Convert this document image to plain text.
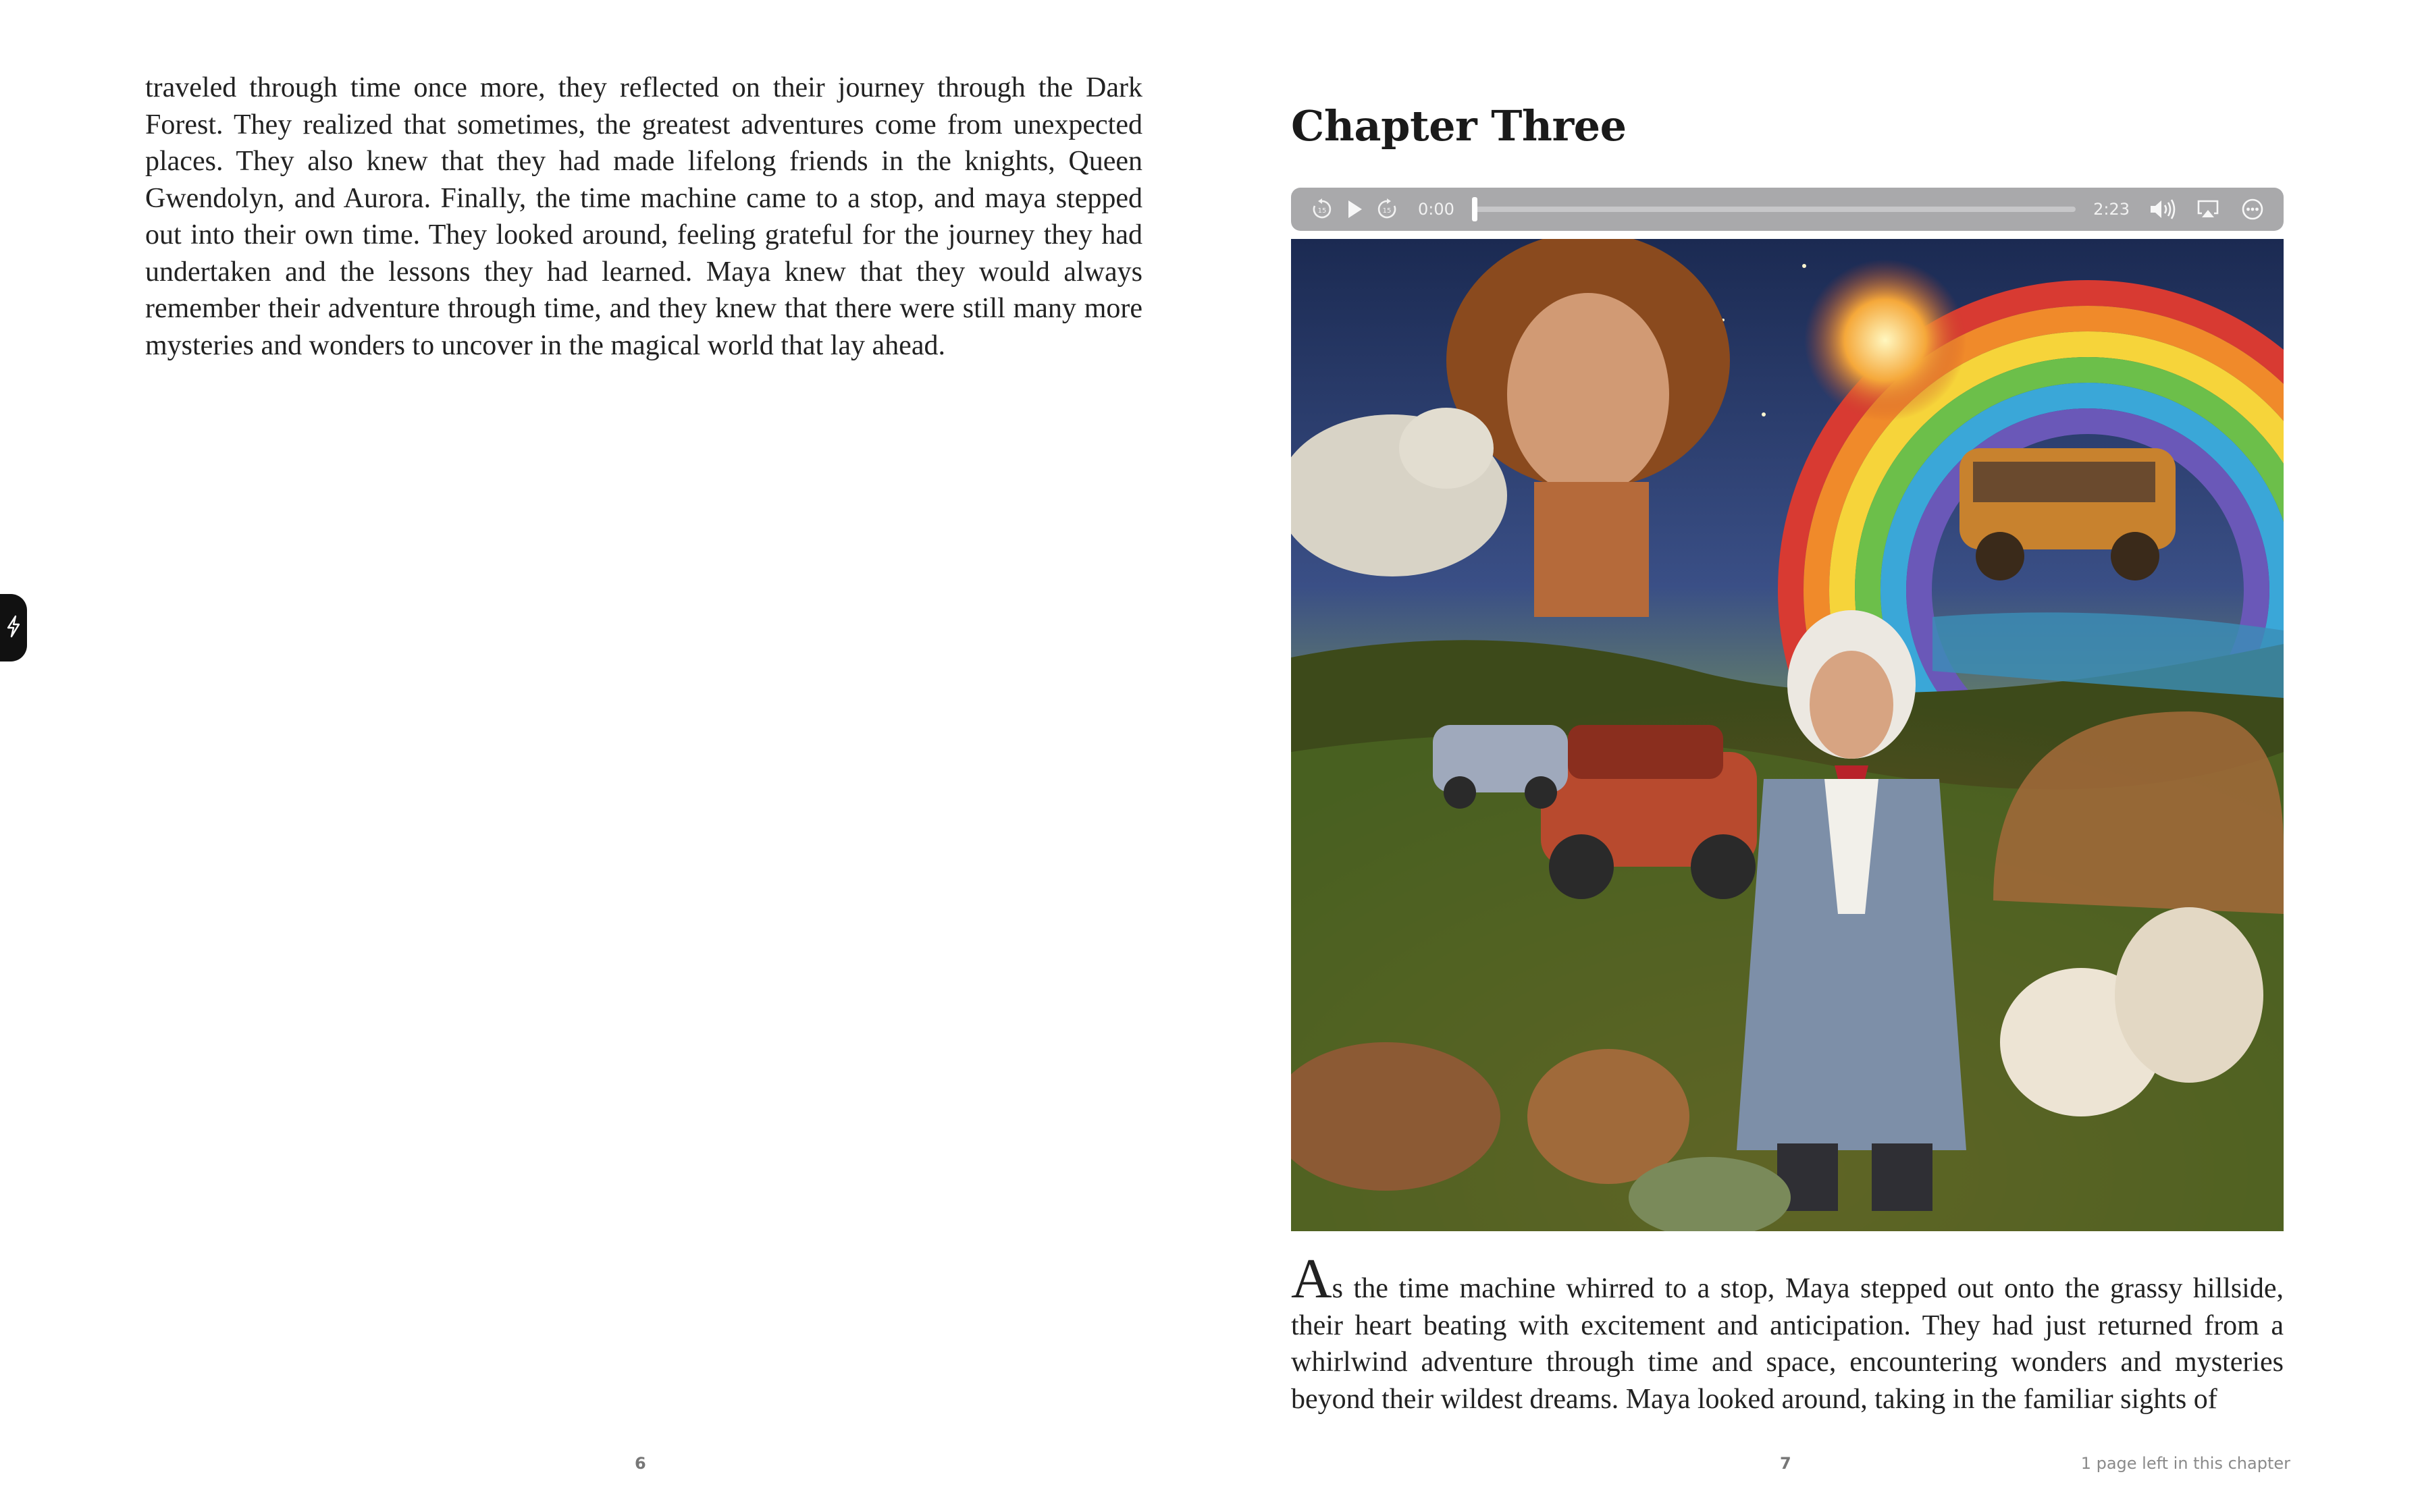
traveled through time once more, they reflected on their journey through the Dark Forest. They realized that sometimes, the greatest adventures come from unexpected places. They also knew that they had made lifelong friends in the knights, Queen Gwendolyn, and Aurora. Finally, the time machine came to a stop, and maya stepped out into their own time. They looked around, feeling grateful for the journey they had undertaken and the lessons they had learned. Maya knew that they would always remember their adventure through time, and they knew that there were still many more mysteries and wonders to uncover in the magical world that lay ahead.
6
Chapter Three
15	15 0:00	2:23
As the time machine whirred to a stop, Maya stepped out onto the grassy hillside, their heart beating with excitement and anticipation. They had just returned from a whirlwind adventure through time and space, encountering wonders and mysteries beyond their wildest dreams. Maya looked around, taking in the familiar sights of
7	1 page left in this chapter
